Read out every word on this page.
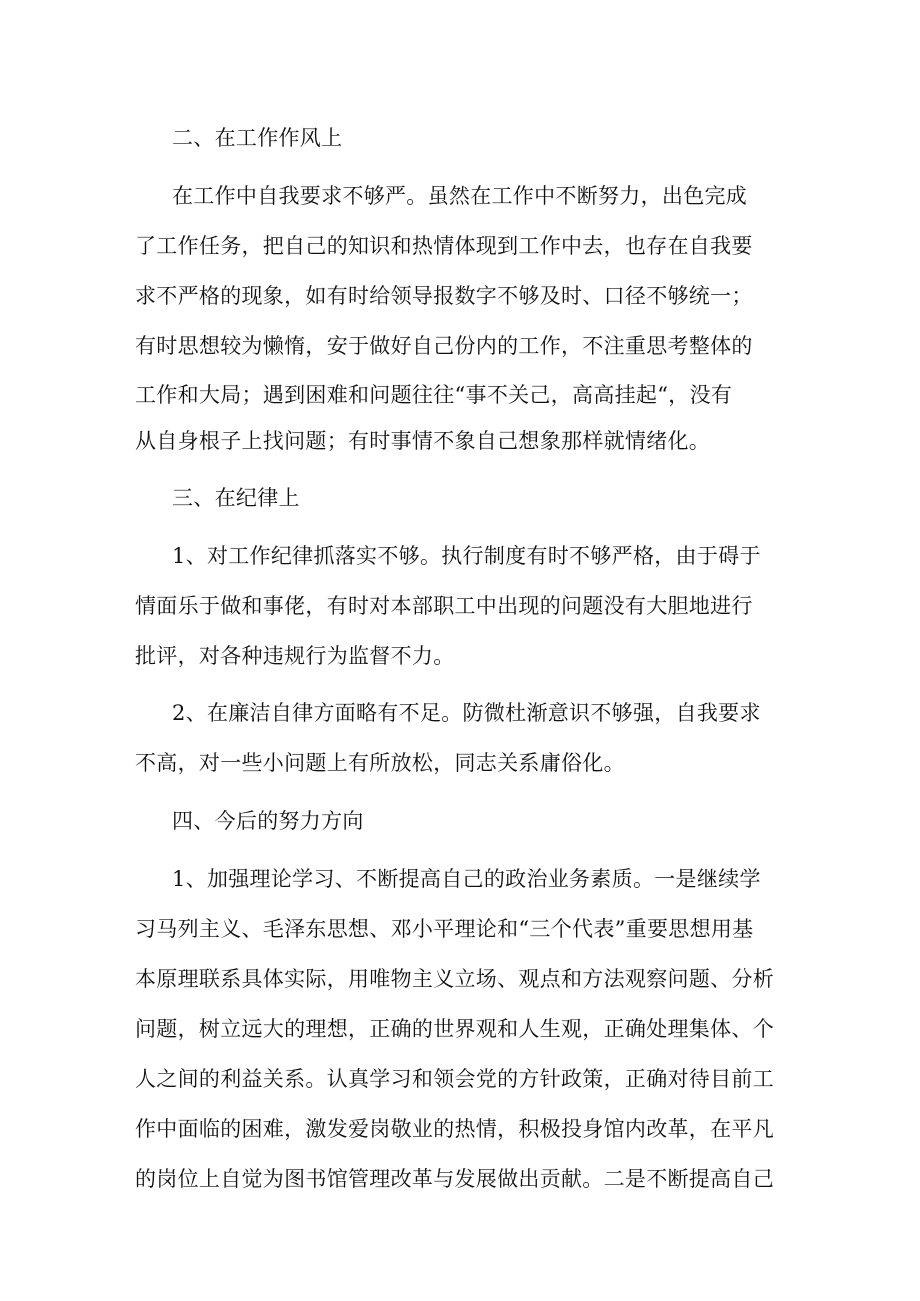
二、在工作作风上
在工作中自我要求不够严。虽然在工作中不断努力，出色完成
了工作任务，把自己的知识和热情体现到工作中去，也存在自我要
求不严格的现象，如有时给领导报数字不够及时、口径不够统一；
有时思想较为懒惰，安于做好自己份内的工作，不注重思考整体的
工作和大局；遇到困难和问题往往“事不关己，高高挂起“，没有
从自身根子上找问题；有时事情不象自己想象那样就情绪化。
三、在纪律上
1、对工作纪律抓落实不够。执行制度有时不够严格，由于碍于
情面乐于做和事佬，有时对本部职工中出现的问题没有大胆地进行
批评，对各种违规行为监督不力。
2、在廉洁自律方面略有不足。防微杜渐意识不够强，自我要求
不高，对一些小问题上有所放松，同志关系庸俗化。
四、今后的努力方向
1、加强理论学习、不断提高自己的政治业务素质。一是继续学
习马列主义、毛泽东思想、邓小平理论和“三个代表”重要思想用基
本原理联系具体实际，用唯物主义立场、观点和方法观察问题、分析
问题，树立远大的理想，正确的世界观和人生观，正确处理集体、个
人之间的利益关系。认真学习和领会党的方针政策，正确对待目前工
作中面临的困难，激发爱岗敬业的热情，积极投身馆内改革，在平凡
的岗位上自觉为图书馆管理改革与发展做出贡献。二是不断提高自己
